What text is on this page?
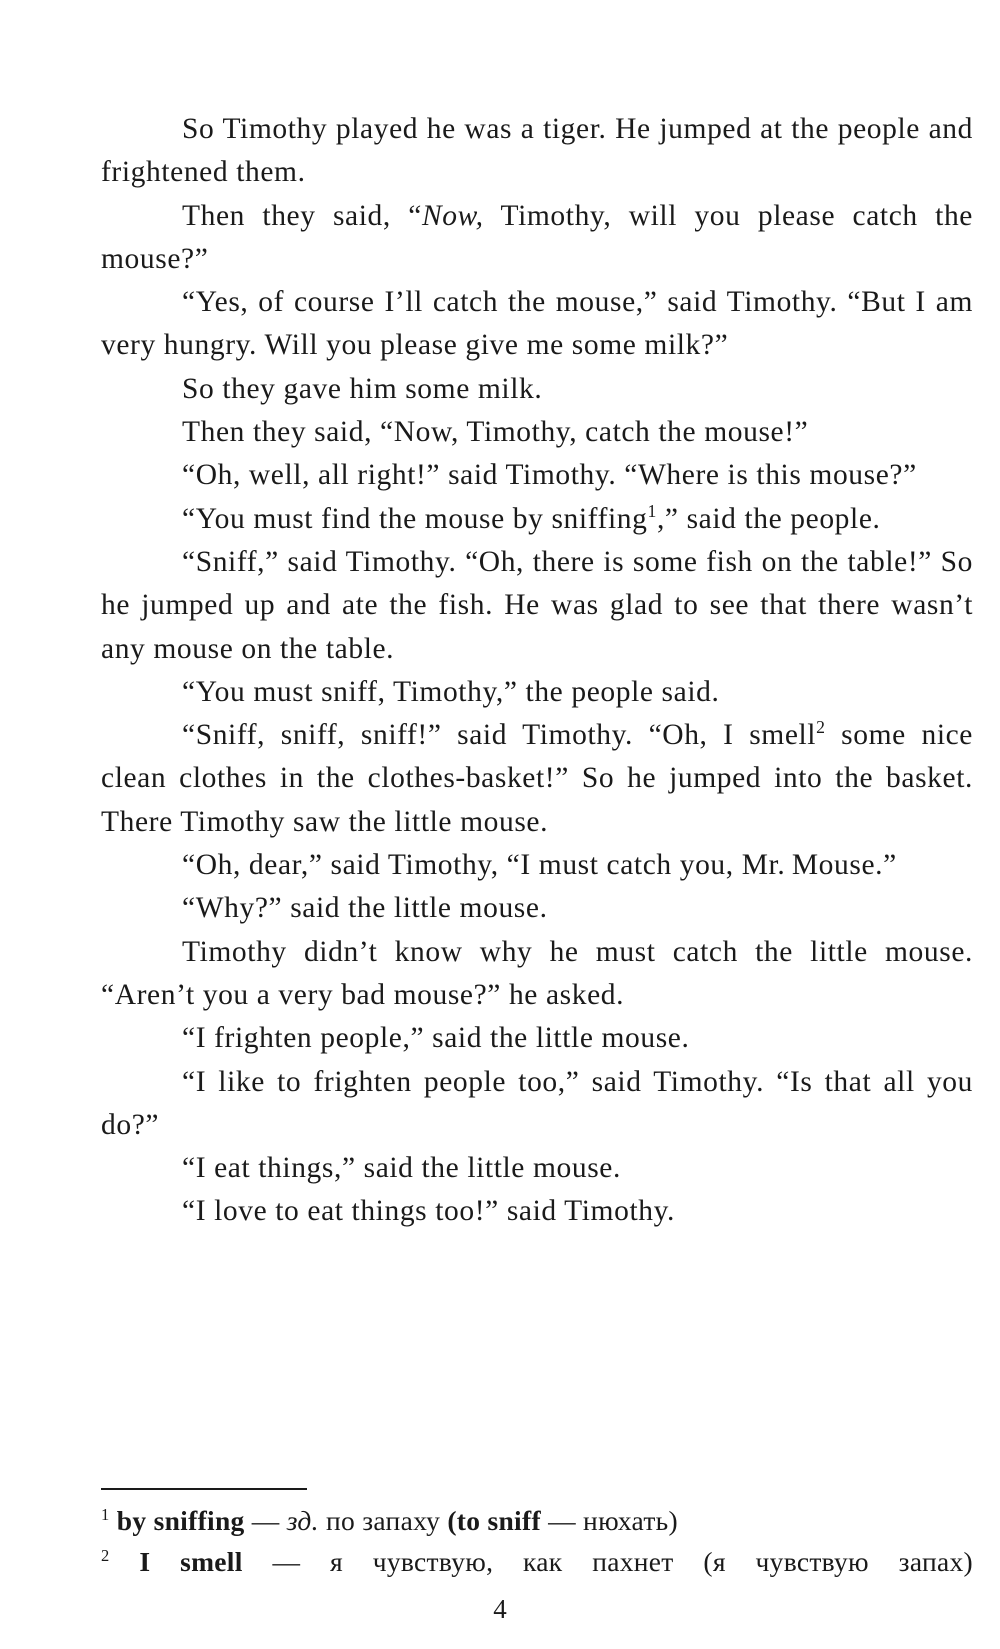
So Timothy played he was a tiger. He jumped at the people and frightened them.

Then they said, “Now, Timothy, will you please catch the mouse?”

“Yes, of course I’ll catch the mouse,” said Timothy. “But I am very hungry. Will you please give me some milk?”

So they gave him some milk.

Then they said, “Now, Timothy, catch the mouse!”

“Oh, well, all right!” said Timothy. “Where is this mouse?”

“You must find the mouse by sniffing$^1$,” said the people.

“Sniff,” said Timothy. “Oh, there is some fish on the table!” So he jumped up and ate the fish. He was glad to see that there wasn’t any mouse on the table.

“You must sniff, Timothy,” the people said.

“Sniff, sniff, sniff!” said Timothy. “Oh, I smell$^2$ some nice clean clothes in the clothes-basket!” So he jumped into the basket. There Timothy saw the little mouse.

“Oh, dear,” said Timothy, “I must catch you, Mr. Mouse.”

“Why?” said the little mouse.

Timothy didn’t know why he must catch the little mouse. “Aren’t you a very bad mouse?” he asked.

“I frighten people,” said the little mouse.

“I like to frighten people too,” said Timothy. “Is that all you do?”

“I eat things,” said the little mouse.

“I love to eat things too!” said Timothy.

$^1$ by sniffing — зд. по запаху (to sniff — нюхать)

$^2$ I smell — я чувствую, как пахнет (я чувствую запах)

4
